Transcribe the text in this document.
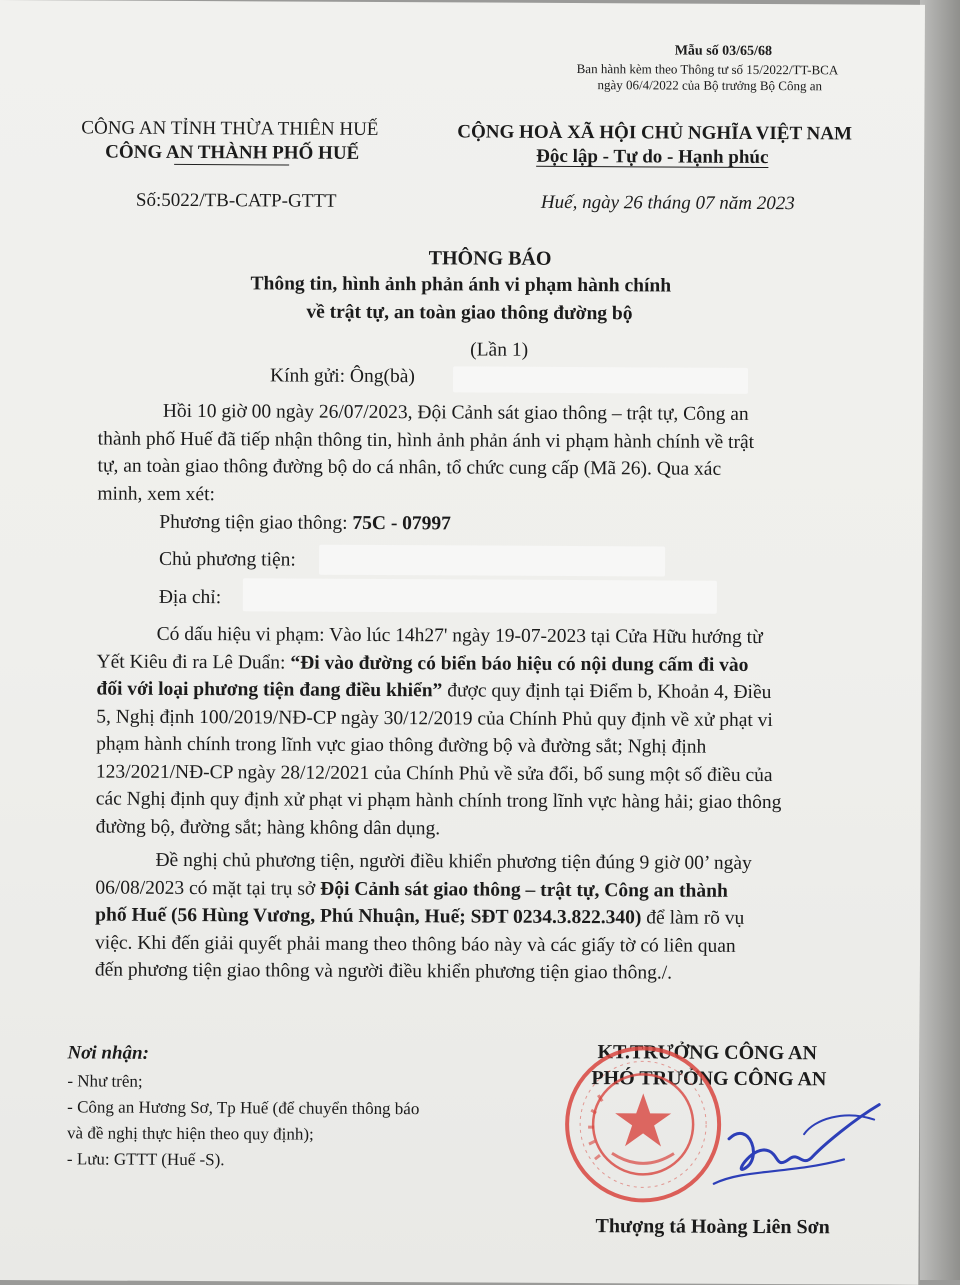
Mẫu số 03/65/68
Ban hành kèm theo Thông tư số 15/2022/TT-BCA
ngày 06/4/2022 của Bộ trưởng Bộ Công an
CÔNG AN TỈNH THỪA THIÊN HUẾ
CÔNG AN THÀNH PHỐ HUẾ
Số:5022/TB-CATP-GTTT
CỘNG HOÀ XÃ HỘI CHỦ NGHĨA VIỆT NAM
Độc lập - Tự do - Hạnh phúc
Huế, ngày 26 tháng 07 năm 2023
THÔNG BÁO
Thông tin, hình ảnh phản ánh vi phạm hành chính
về trật tự, an toàn giao thông đường bộ
(Lần 1)
Kính gửi: Ông(bà)
Hồi 10 giờ 00 ngày 26/07/2023, Đội Cảnh sát giao thông – trật tự, Công an
thành phố Huế đã tiếp nhận thông tin, hình ảnh phản ánh vi phạm hành chính về trật
tự, an toàn giao thông đường bộ do cá nhân, tổ chức cung cấp (Mã 26). Qua xác
minh, xem xét:
Phương tiện giao thông: 75C - 07997
Chủ phương tiện:
Địa chỉ:
Có dấu hiệu vi phạm: Vào lúc 14h27' ngày 19-07-2023 tại Cửa Hữu hướng từ
Yết Kiêu đi ra Lê Duẩn: “Đi vào đường có biển báo hiệu có nội dung cấm đi vào
đối với loại phương tiện đang điều khiển” được quy định tại Điểm b, Khoản 4, Điều
5, Nghị định 100/2019/NĐ-CP ngày 30/12/2019 của Chính Phủ quy định về xử phạt vi
phạm hành chính trong lĩnh vực giao thông đường bộ và đường sắt; Nghị định
123/2021/NĐ-CP ngày 28/12/2021 của Chính Phủ về sửa đổi, bổ sung một số điều của
các Nghị định quy định xử phạt vi phạm hành chính trong lĩnh vực hàng hải; giao thông
đường bộ, đường sắt; hàng không dân dụng.
Đề nghị chủ phương tiện, người điều khiển phương tiện đúng 9 giờ 00’ ngày
06/08/2023 có mặt tại trụ sở Đội Cảnh sát giao thông – trật tự, Công an thành
phố Huế (56 Hùng Vương, Phú Nhuận, Huế; SĐT 0234.3.822.340) để làm rõ vụ
việc. Khi đến giải quyết phải mang theo thông báo này và các giấy tờ có liên quan
đến phương tiện giao thông và người điều khiển phương tiện giao thông./.
Nơi nhận:
- Như trên;
- Công an Hương Sơ, Tp Huế (để chuyển thông báo
và đề nghị thực hiện theo quy định);
- Lưu: GTTT (Huế -S).
KT.TRƯỞNG CÔNG AN
PHÓ TRƯỞNG CÔNG AN
Thượng tá Hoàng Liên Sơn
